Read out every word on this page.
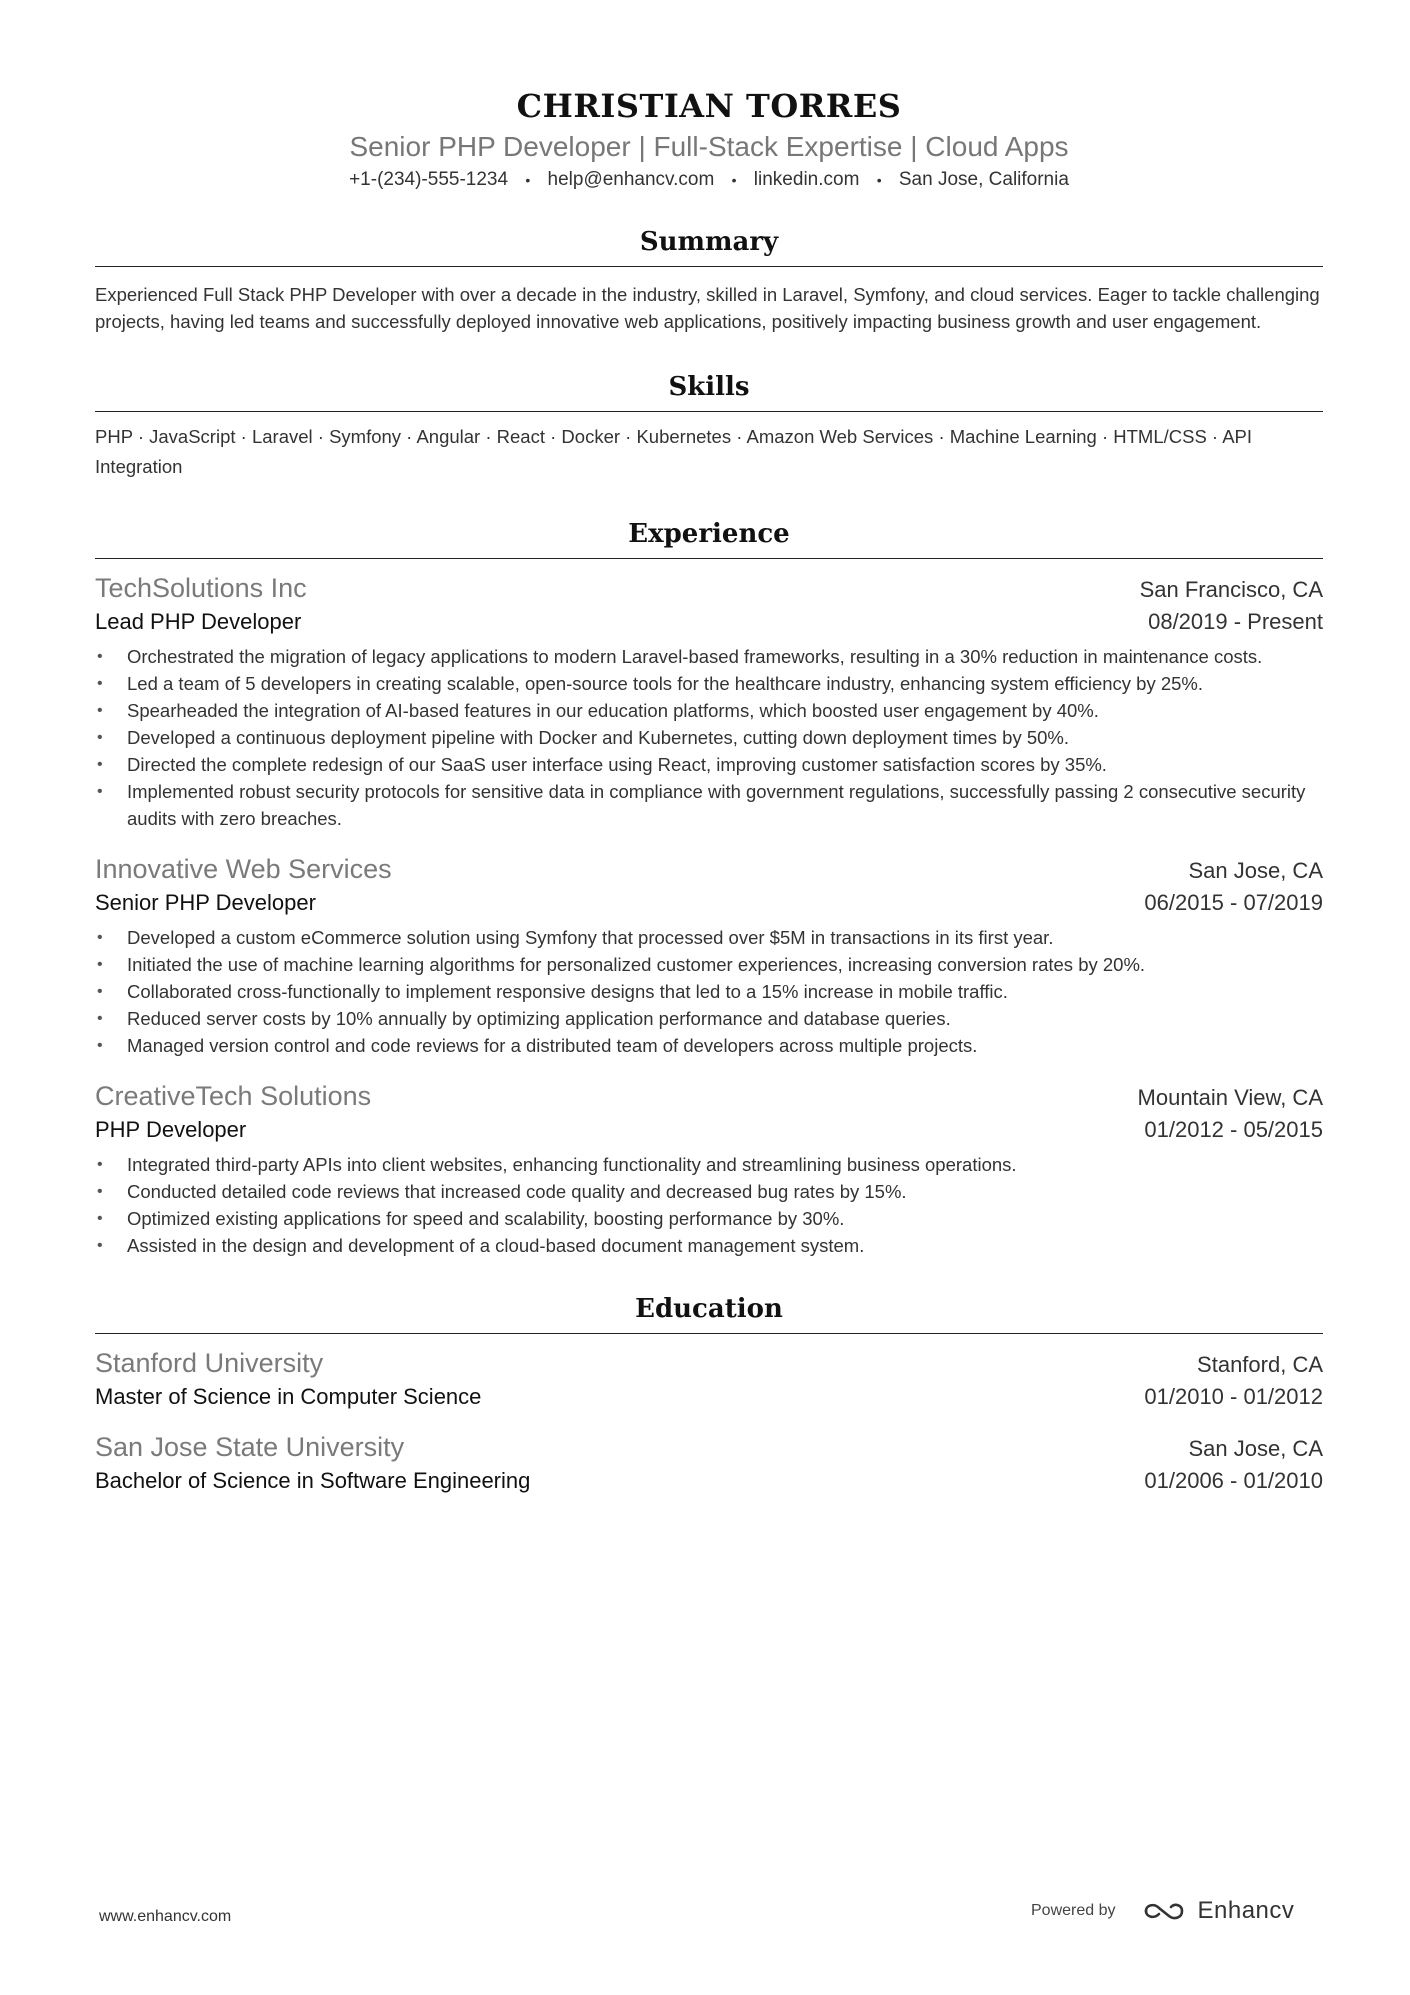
CHRISTIAN TORRES
Senior PHP Developer | Full-Stack Expertise | Cloud Apps
+1-(234)-555-1234 • help@enhancv.com • linkedin.com • San Jose, California
Summary
Experienced Full Stack PHP Developer with over a decade in the industry, skilled in Laravel, Symfony, and cloud services. Eager to tackle challenging projects, having led teams and successfully deployed innovative web applications, positively impacting business growth and user engagement.
Skills
PHP · JavaScript · Laravel · Symfony · Angular · React · Docker · Kubernetes · Amazon Web Services · Machine Learning · HTML/CSS · API Integration
Experience
TechSolutions Inc	San Francisco, CA
Lead PHP Developer	08/2019 - Present
• Orchestrated the migration of legacy applications to modern Laravel-based frameworks, resulting in a 30% reduction in maintenance costs.
• Led a team of 5 developers in creating scalable, open-source tools for the healthcare industry, enhancing system efficiency by 25%.
• Spearheaded the integration of AI-based features in our education platforms, which boosted user engagement by 40%.
• Developed a continuous deployment pipeline with Docker and Kubernetes, cutting down deployment times by 50%.
• Directed the complete redesign of our SaaS user interface using React, improving customer satisfaction scores by 35%.
• Implemented robust security protocols for sensitive data in compliance with government regulations, successfully passing 2 consecutive security audits with zero breaches.
Innovative Web Services	San Jose, CA
Senior PHP Developer	06/2015 - 07/2019
• Developed a custom eCommerce solution using Symfony that processed over $5M in transactions in its first year.
• Initiated the use of machine learning algorithms for personalized customer experiences, increasing conversion rates by 20%.
• Collaborated cross-functionally to implement responsive designs that led to a 15% increase in mobile traffic.
• Reduced server costs by 10% annually by optimizing application performance and database queries.
• Managed version control and code reviews for a distributed team of developers across multiple projects.
CreativeTech Solutions	Mountain View, CA
PHP Developer	01/2012 - 05/2015
• Integrated third-party APIs into client websites, enhancing functionality and streamlining business operations.
• Conducted detailed code reviews that increased code quality and decreased bug rates by 15%.
• Optimized existing applications for speed and scalability, boosting performance by 30%.
• Assisted in the design and development of a cloud-based document management system.
Education
Stanford University	Stanford, CA
Master of Science in Computer Science	01/2010 - 01/2012
San Jose State University	San Jose, CA
Bachelor of Science in Software Engineering	01/2006 - 01/2010
www.enhancv.com	Powered by	Enhancv
